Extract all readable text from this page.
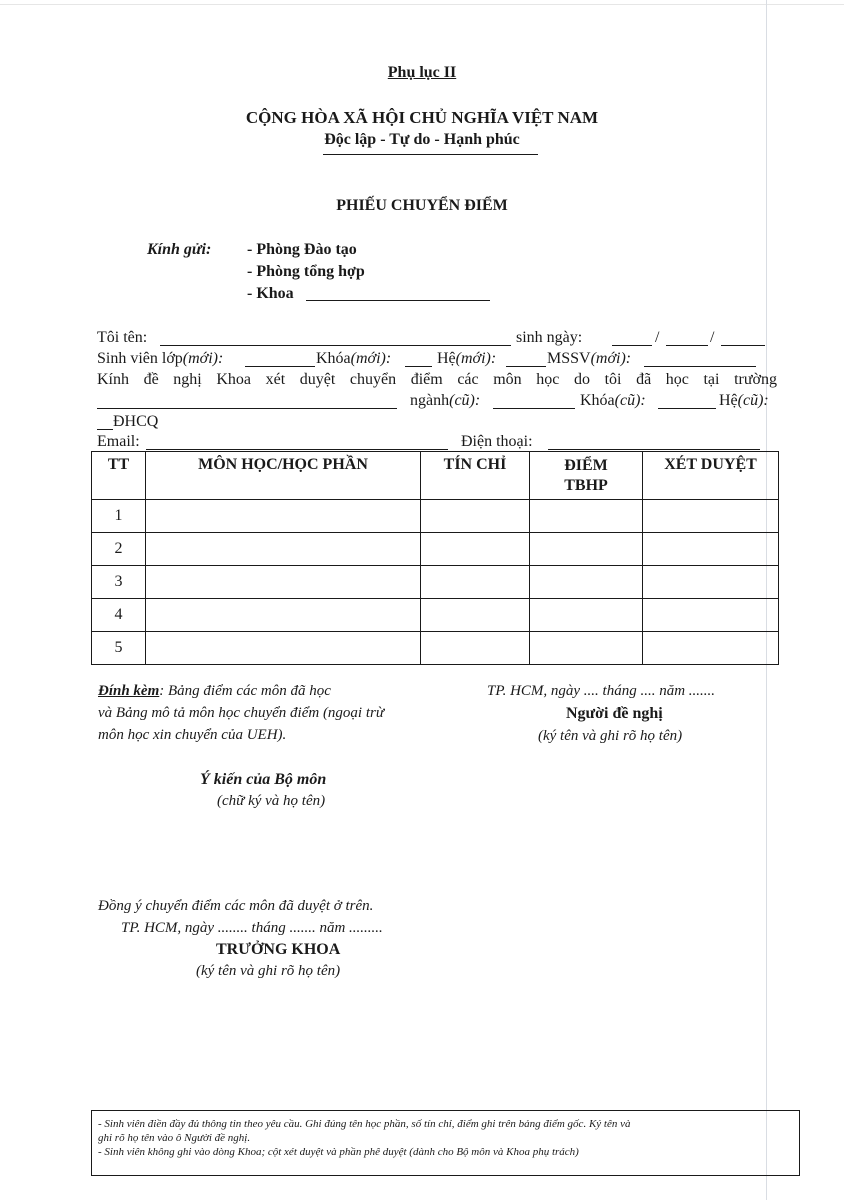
Phụ lục II
CỘNG HÒA XÃ HỘI CHỦ NGHĨA VIỆT NAM
Độc lập - Tự do - Hạnh phúc
PHIẾU CHUYỂN ĐIỂM
Kính gửi: - Phòng Đào tạo
- Phòng tổng hợp
- Khoa
Tôi tên:	sinh ngày:	/	/
Sinh viên lớp(mới):	Khóa(mới):	Hệ(mới):	MSSV(mới):
Kính đề nghị Khoa xét duyệt chuyển điểm các môn học do tôi đã học tại trường
ngành(cũ):	Khóa(cũ):	Hệ(cũ):
ĐHCQ
Email:	Điện thoại:
TT	MÔN HỌC/HỌC PHẦN	TÍN CHỈ	ĐIỂM TBHP	XÉT DUYỆT
1				
2				
3				
4				
5				
Đính kèm: Bảng điểm các môn đã học
và Bảng mô tả môn học chuyển điểm (ngoại trừ
môn học xin chuyển của UEH).
TP. HCM, ngày .... tháng .... năm .......
Người đề nghị
(ký tên và ghi rõ họ tên)
Ý kiến của Bộ môn
(chữ ký và họ tên)
Đồng ý chuyển điểm các môn đã duyệt ở trên.
TP. HCM, ngày ........ tháng ....... năm .........
TRƯỞNG KHOA
(ký tên và ghi rõ họ tên)
- Sinh viên điền đầy đủ thông tin theo yêu cầu. Ghi đúng tên học phần, số tín chỉ, điểm ghi trên bảng điểm gốc. Ký tên và
ghi rõ họ tên vào ô Người đề nghị.
- Sinh viên không ghi vào dòng Khoa; cột xét duyệt và phần phê duyệt (dành cho Bộ môn và Khoa phụ trách)
